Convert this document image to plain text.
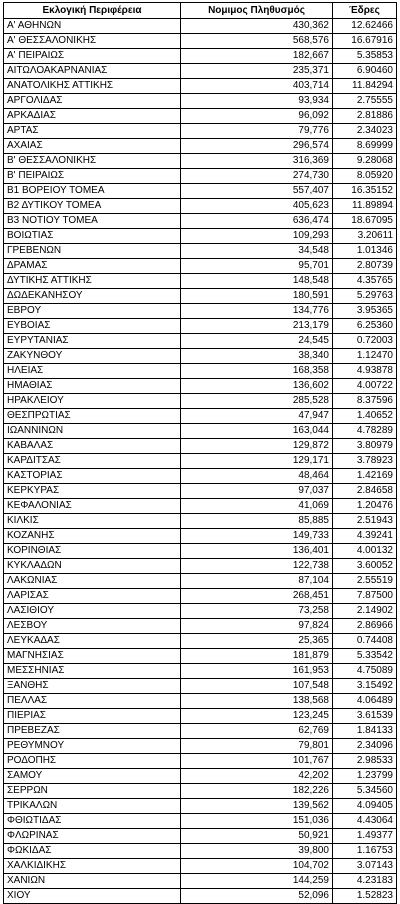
Εκλογική Περιφέρεια	Νομιμος Πληθυσμός	Έδρες
Α' ΑΘΗΝΩΝ	430,362	12.62466
Α' ΘΕΣΣΑΛΟΝΙΚΗΣ	568,576	16.67916
Α' ΠΕΙΡΑΙΩΣ	182,667	5.35853
ΑΙΤΩΛΟΑΚΑΡΝΑΝΙΑΣ	235,371	6.90460
ΑΝΑΤΟΛΙΚΗΣ ΑΤΤΙΚΗΣ	403,714	11.84294
ΑΡΓΟΛΙΔΑΣ	93,934	2.75555
ΑΡΚΑΔΙΑΣ	96,092	2.81886
ΑΡΤΑΣ	79,776	2.34023
ΑΧΑΙΑΣ	296,574	8.69999
Β' ΘΕΣΣΑΛΟΝΙΚΗΣ	316,369	9.28068
Β' ΠΕΙΡΑΙΩΣ	274,730	8.05920
Β1 ΒΟΡΕΙΟΥ ΤΟΜΕΑ	557,407	16.35152
Β2 ΔΥΤΙΚΟΥ ΤΟΜΕΑ	405,623	11.89894
Β3 ΝΟΤΙΟΥ ΤΟΜΕΑ	636,474	18.67095
ΒΟΙΩΤΙΑΣ	109,293	3.20611
ΓΡΕΒΕΝΩΝ	34,548	1.01346
ΔΡΑΜΑΣ	95,701	2.80739
ΔΥΤΙΚΗΣ ΑΤΤΙΚΗΣ	148,548	4.35765
ΔΩΔΕΚΑΝΗΣΟΥ	180,591	5.29763
ΕΒΡΟΥ	134,776	3.95365
ΕΥΒΟΙΑΣ	213,179	6.25360
ΕΥΡΥΤΑΝΙΑΣ	24,545	0.72003
ΖΑΚΥΝΘΟΥ	38,340	1.12470
ΗΛΕΙΑΣ	168,358	4.93878
ΗΜΑΘΙΑΣ	136,602	4.00722
ΗΡΑΚΛΕΙΟΥ	285,528	8.37596
ΘΕΣΠΡΩΤΙΑΣ	47,947	1.40652
ΙΩΑΝΝΙΝΩΝ	163,044	4.78289
ΚΑΒΑΛΑΣ	129,872	3.80979
ΚΑΡΔΙΤΣΑΣ	129,171	3.78923
ΚΑΣΤΟΡΙΑΣ	48,464	1.42169
ΚΕΡΚΥΡΑΣ	97,037	2.84658
ΚΕΦΑΛΟΝΙΑΣ	41,069	1.20476
ΚΙΛΚΙΣ	85,885	2.51943
ΚΟΖΑΝΗΣ	149,733	4.39241
ΚΟΡΙΝΘΙΑΣ	136,401	4.00132
ΚΥΚΛΑΔΩΝ	122,738	3.60052
ΛΑΚΩΝΙΑΣ	87,104	2.55519
ΛΑΡΙΣΑΣ	268,451	7.87500
ΛΑΣΙΘΙΟΥ	73,258	2.14902
ΛΕΣΒΟΥ	97,824	2.86966
ΛΕΥΚΑΔΑΣ	25,365	0.74408
ΜΑΓΝΗΣΙΑΣ	181,879	5.33542
ΜΕΣΣΗΝΙΑΣ	161,953	4.75089
ΞΑΝΘΗΣ	107,548	3.15492
ΠΕΛΛΑΣ	138,568	4.06489
ΠΙΕΡΙΑΣ	123,245	3.61539
ΠΡΕΒΕΖΑΣ	62,769	1.84133
ΡΕΘΥΜΝΟΥ	79,801	2.34096
ΡΟΔΟΠΗΣ	101,767	2.98533
ΣΑΜΟΥ	42,202	1.23799
ΣΕΡΡΩΝ	182,226	5.34560
ΤΡΙΚΑΛΩΝ	139,562	4.09405
ΦΘΙΩΤΙΔΑΣ	151,036	4.43064
ΦΛΩΡΙΝΑΣ	50,921	1.49377
ΦΩΚΙΔΑΣ	39,800	1.16753
ΧΑΛΚΙΔΙΚΗΣ	104,702	3.07143
ΧΑΝΙΩΝ	144,259	4.23183
ΧΙΟΥ	52,096	1.52823
